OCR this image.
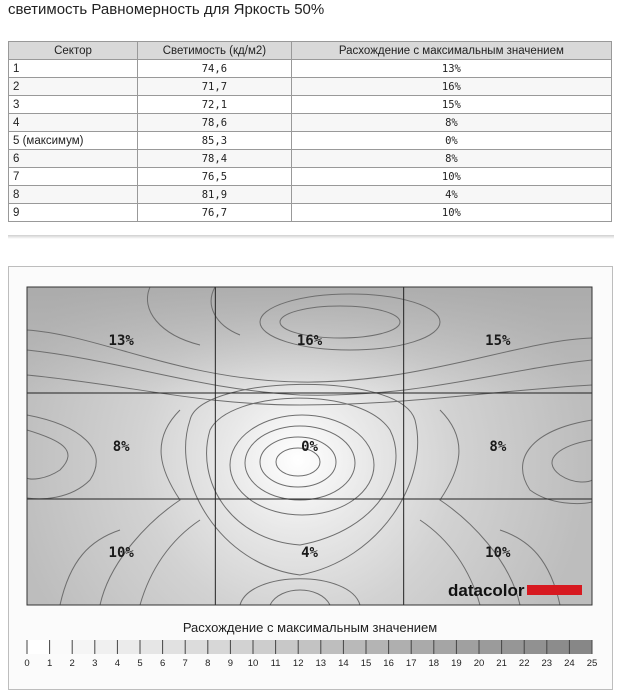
светимость Равномерность для Яркость 50%
Сектор	Светимость (кд/м2)	Расхождение с максимальным значением
1	74,6	13%
2	71,7	16%
3	72,1	15%
4	78,6	8%
5 (максимум)	85,3	0%
6	78,4	8%
7	76,5	10%
8	81,9	4%
9	76,7	10%
13%	16%	15%
8%	0%	8%
10%	4%	10%
datacolor
Расхождение с максимальным значением
0 1 2 3 4 5 6 7 8 9 10 11 12 13 14 15 16 17 18 19 20 21 22 23 24 25
